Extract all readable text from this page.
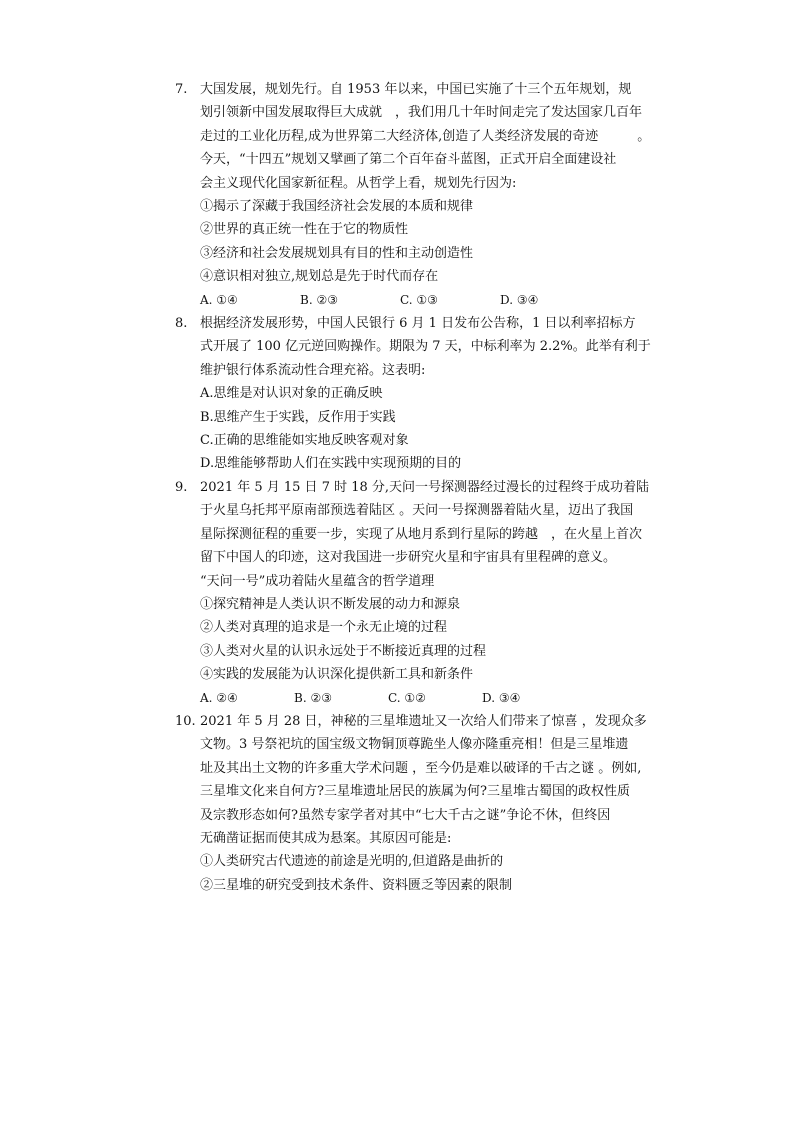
7. 大国发展，规划先行。自 1953 年以来，中国已实施了十三个五年规划，规
划引领新中国发展取得巨大成就　，我们用几十年时间走完了发达国家几百年
走过的工业化历程,成为世界第二大经济体,创造了人类经济发展的奇迹　　　。
今天，“十四五”规划又擘画了第二个百年奋斗蓝图，正式开启全面建设社
会主义现代化国家新征程。从哲学上看，规划先行因为:
①揭示了深藏于我国经济社会发展的本质和规律
②世界的真正统一性在于它的物质性
③经济和社会发展规划具有目的性和主动创造性
④意识相对独立,规划总是先于时代而存在
A. ①④	B. ②③	C. ①③	D. ③④
8. 根据经济发展形势，中国人民银行 6 月 1 日发布公告称，1 日以利率招标方
式开展了 100 亿元逆回购操作。期限为 7 天，中标利率为 2.2%。此举有利于
维护银行体系流动性合理充裕。这表明:
A.思维是对认识对象的正确反映
B.思维产生于实践，反作用于实践
C.正确的思维能如实地反映客观对象
D.思维能够帮助人们在实践中实现预期的目的
9. 2021 年 5 月 15 日 7 时 18 分,天问一号探测器经过漫长的过程终于成功着陆
于火星乌托邦平原南部预选着陆区 。天问一号探测器着陆火星，迈出了我国
星际探测征程的重要一步，实现了从地月系到行星际的跨越　，在火星上首次
留下中国人的印迹，这对我国进一步研究火星和宇宙具有里程碑的意义。
“天问一号”成功着陆火星蕴含的哲学道理
①探究精神是人类认识不断发展的动力和源泉
②人类对真理的追求是一个永无止境的过程
③人类对火星的认识永远处于不断接近真理的过程
④实践的发展能为认识深化提供新工具和新条件
A. ②④	B. ②③	C. ①②	D. ③④
10. 2021 年 5 月 28 日，神秘的三星堆遗址又一次给人们带来了惊喜 ，发现众多
文物。3 号祭祀坑的国宝级文物铜顶尊跪坐人像亦隆重亮相！但是三星堆遗
址及其出土文物的许多重大学术问题 ，至今仍是难以破译的千古之谜 。例如,
三星堆文化来自何方?三星堆遗址居民的族属为何?三星堆古蜀国的政权性质
及宗教形态如何?虽然专家学者对其中“七大千古之谜”争论不休，但终因
无确凿证据而使其成为悬案。其原因可能是:
①人类研究古代遗迹的前途是光明的,但道路是曲折的
②三星堆的研究受到技术条件、资料匮乏等因素的限制
